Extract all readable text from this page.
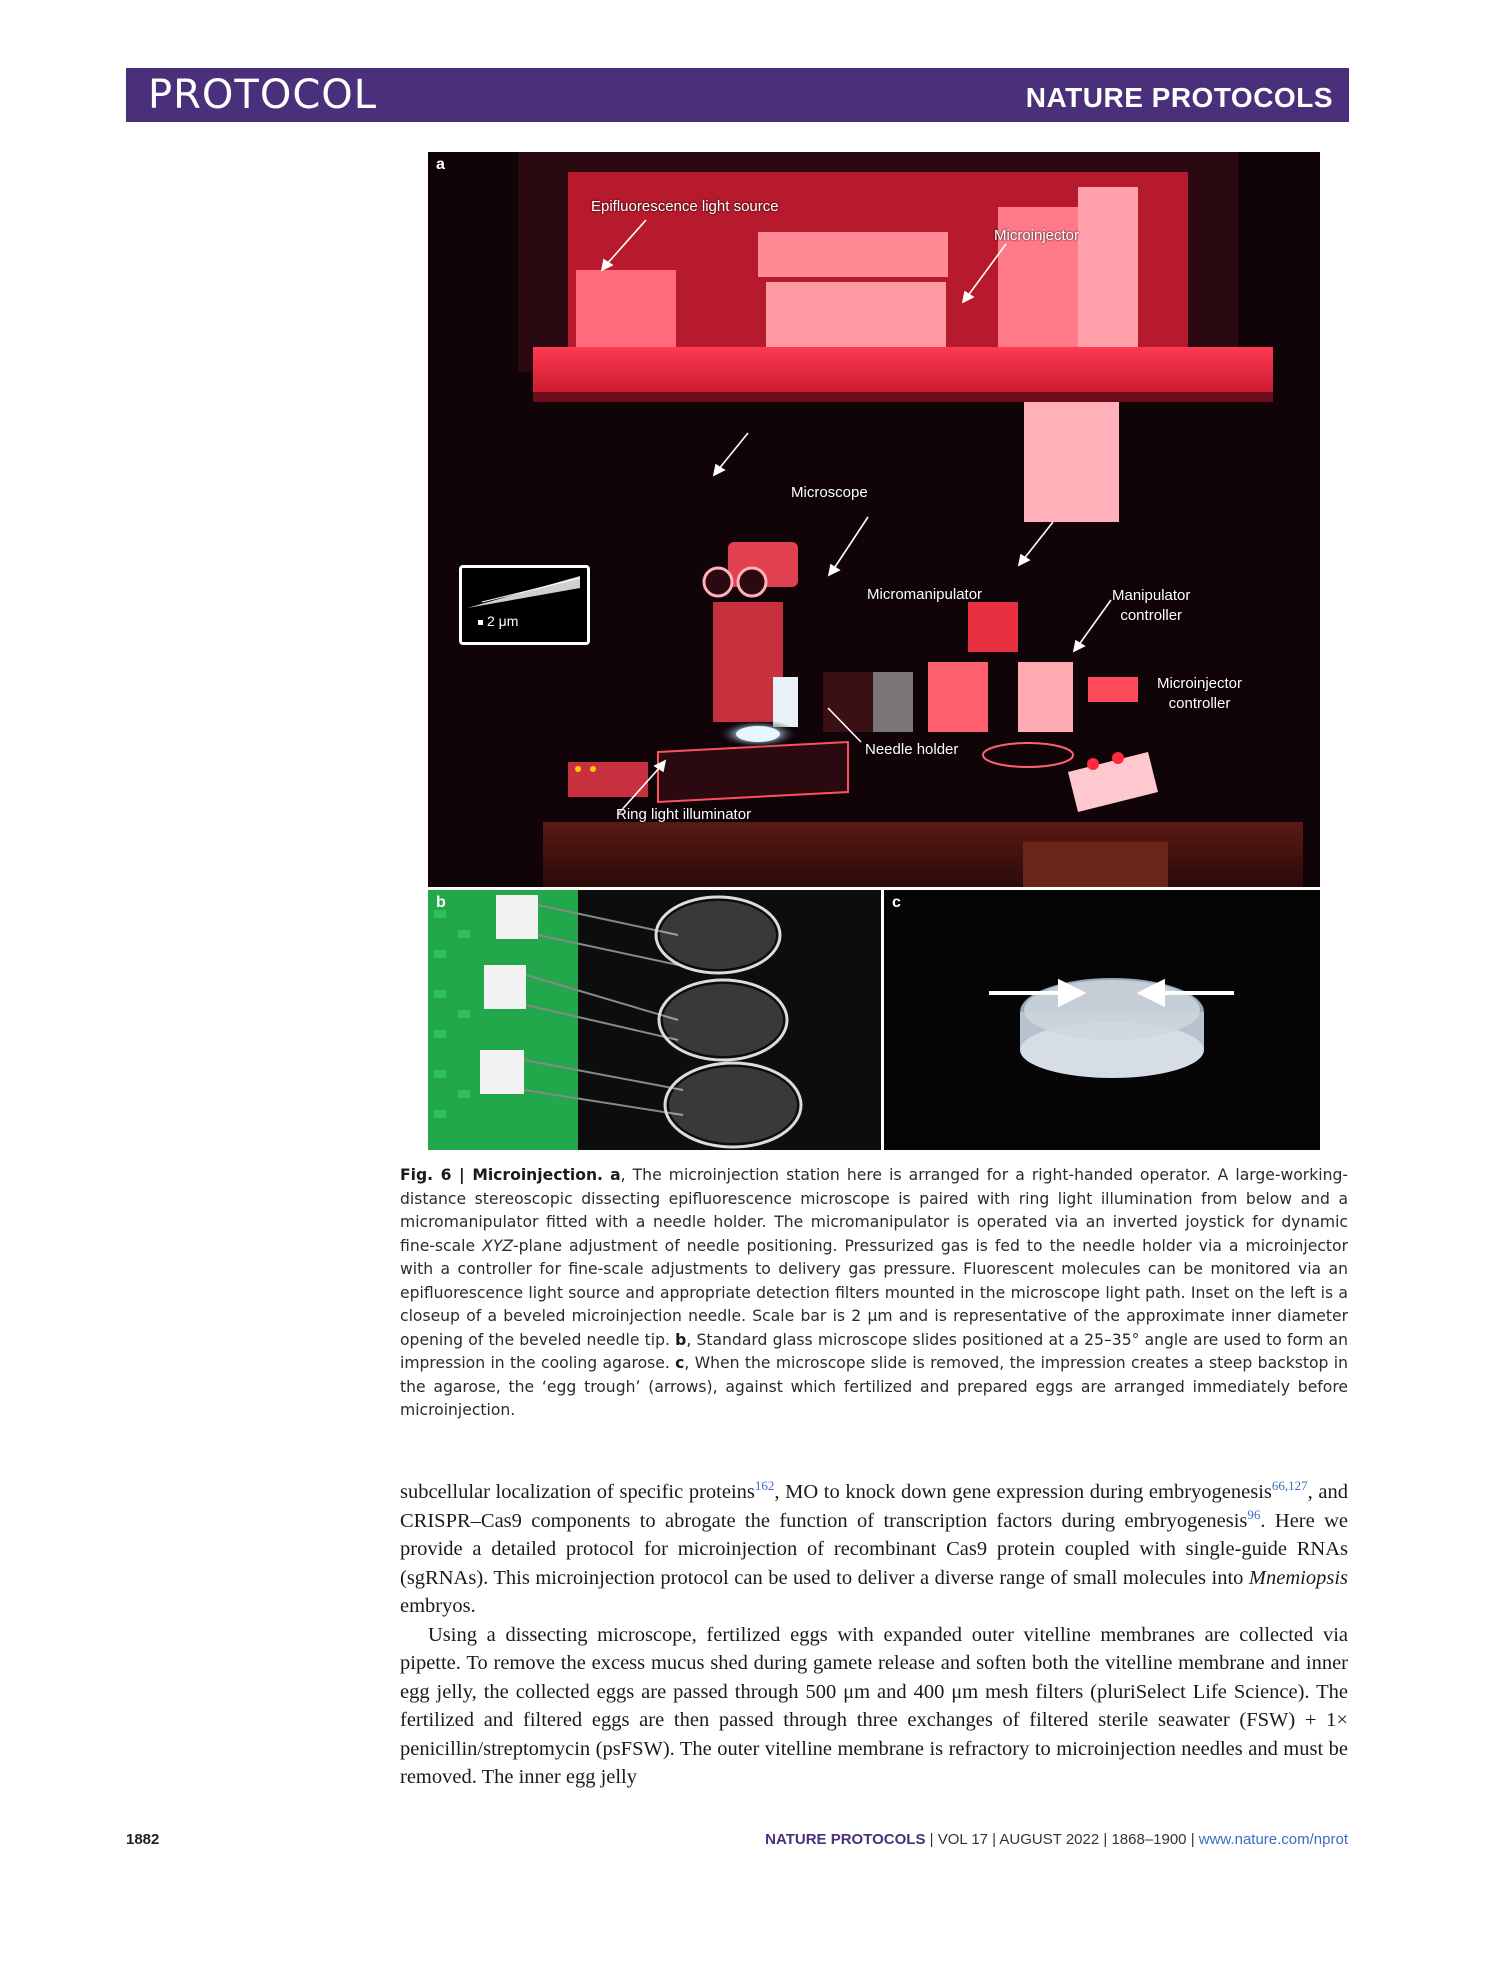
PROTOCOL	NATURE PROTOCOLS
a
Epifluorescence light source
Microinjector
Microscope
Micromanipulator	Manipulator
controller
Microinjector
controller
Needle holder
Ring light illuminator
2 μm
b	c
Fig. 6 | Microinjection. a, The microinjection station here is arranged for a right-handed operator. A large-working-distance stereoscopic dissecting epifluorescence microscope is paired with ring light illumination from below and a micromanipulator fitted with a needle holder. The micromanipulator is operated via an inverted joystick for dynamic fine-scale XYZ-plane adjustment of needle positioning. Pressurized gas is fed to the needle holder via a microinjector with a controller for fine-scale adjustments to delivery gas pressure. Fluorescent molecules can be monitored via an epifluorescence light source and appropriate detection filters mounted in the microscope light path. Inset on the left is a closeup of a beveled microinjection needle. Scale bar is 2 μm and is representative of the approximate inner diameter opening of the beveled needle tip. b, Standard glass microscope slides positioned at a 25–35° angle are used to form an impression in the cooling agarose. c, When the microscope slide is removed, the impression creates a steep backstop in the agarose, the ‘egg trough’ (arrows), against which fertilized and prepared eggs are arranged immediately before microinjection.

subcellular localization of specific proteins$^{162}$, MO to knock down gene expression during embryogenesis$^{66,127}$, and CRISPR–Cas9 components to abrogate the function of transcription factors during embryogenesis$^{96}$. Here we provide a detailed protocol for microinjection of recombinant Cas9 protein coupled with single-guide RNAs (sgRNAs). This microinjection protocol can be used to deliver a diverse range of small molecules into Mnemiopsis embryos.

Using a dissecting microscope, fertilized eggs with expanded outer vitelline membranes are collected via pipette. To remove the excess mucus shed during gamete release and soften both the vitelline membrane and inner egg jelly, the collected eggs are passed through 500 μm and 400 μm mesh filters (pluriSelect Life Science). The fertilized and filtered eggs are then passed through three exchanges of filtered sterile seawater (FSW) + 1× penicillin/streptomycin (psFSW). The outer vitelline membrane is refractory to microinjection needles and must be removed. The inner egg jelly

1882	NATURE PROTOCOLS | VOL 17 | AUGUST 2022 | 1868–1900 | www.nature.com/nprot
